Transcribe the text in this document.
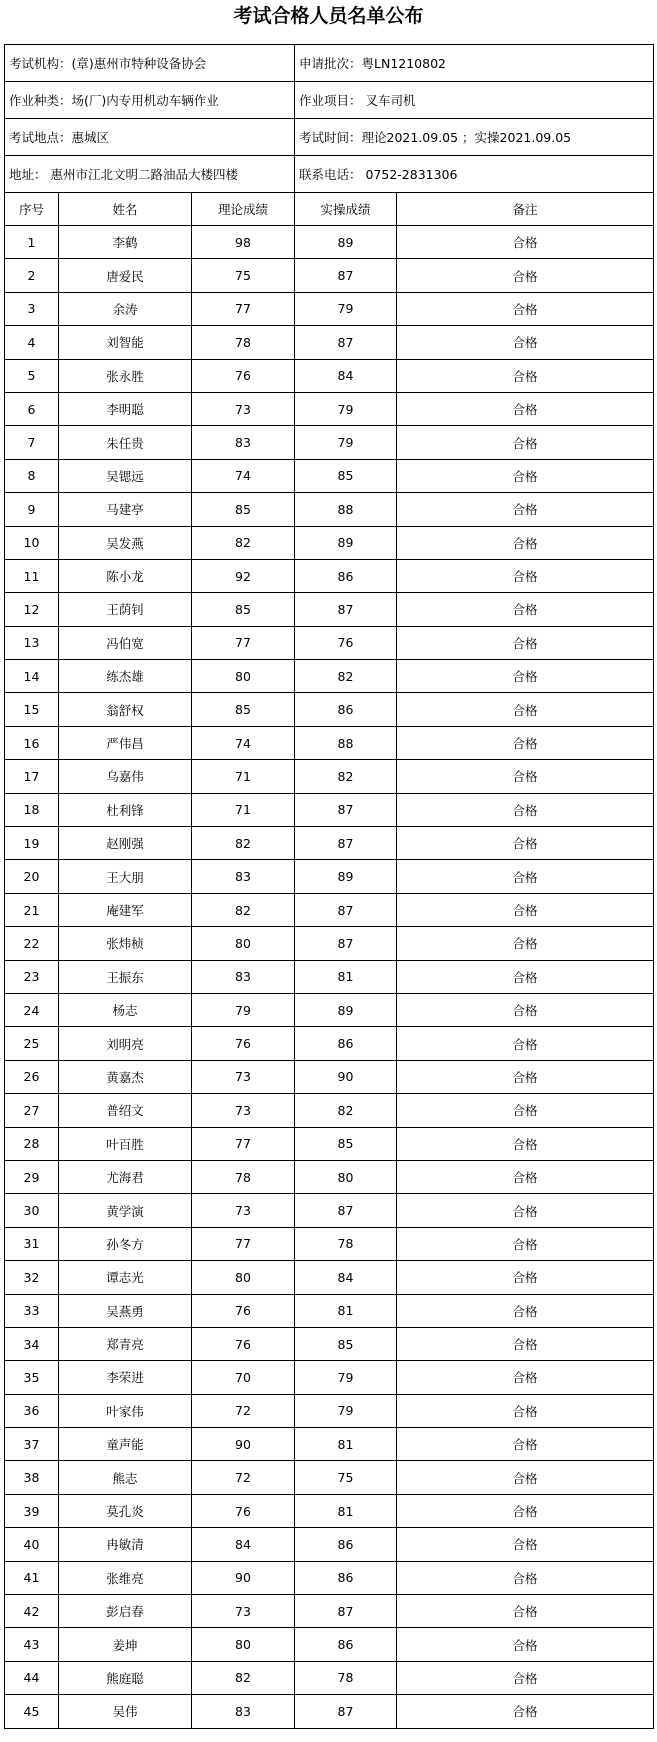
考试合格人员名单公布
考试机构：(章)惠州市特种设备协会			申请批次：粤LN1210802	
作业种类：场(厂)内专用机动车辆作业			作业项目： 叉车司机	
考试地点：惠城区			考试时间：理论2021.09.05 ；实操2021.09.05	
地址： 惠州市江北文明二路油品大楼四楼			联系电话： 0752-2831306	
序号	姓名	理论成绩	实操成绩	备注
1	李鹤	98	89	合格
2	唐爱民	75	87	合格
3	余涛	77	79	合格
4	刘智能	78	87	合格
5	张永胜	76	84	合格
6	李明聪	73	79	合格
7	朱任贵	83	79	合格
8	吴锶远	74	85	合格
9	马建亭	85	88	合格
10	吴发燕	82	89	合格
11	陈小龙	92	86	合格
12	王荫钊	85	87	合格
13	冯伯宽	77	76	合格
14	练杰雄	80	82	合格
15	翁舒权	85	86	合格
16	严伟昌	74	88	合格
17	乌嘉伟	71	82	合格
18	杜利锋	71	87	合格
19	赵刚强	82	87	合格
20	王大朋	83	89	合格
21	庵建军	82	87	合格
22	张炜桢	80	87	合格
23	王振东	83	81	合格
24	杨志	79	89	合格
25	刘明亮	76	86	合格
26	黄嘉杰	73	90	合格
27	普绍文	73	82	合格
28	叶百胜	77	85	合格
29	尤海君	78	80	合格
30	黄学演	73	87	合格
31	孙冬方	77	78	合格
32	谭志光	80	84	合格
33	吴燕勇	76	81	合格
34	郑青亮	76	85	合格
35	李荣进	70	79	合格
36	叶家伟	72	79	合格
37	童声能	90	81	合格
38	熊志	72	75	合格
39	莫孔炎	76	81	合格
40	冉敏清	84	86	合格
41	张维亮	90	86	合格
42	彭启春	73	87	合格
43	姜坤	80	86	合格
44	熊庭聪	82	78	合格
45	吴伟	83	87	合格
